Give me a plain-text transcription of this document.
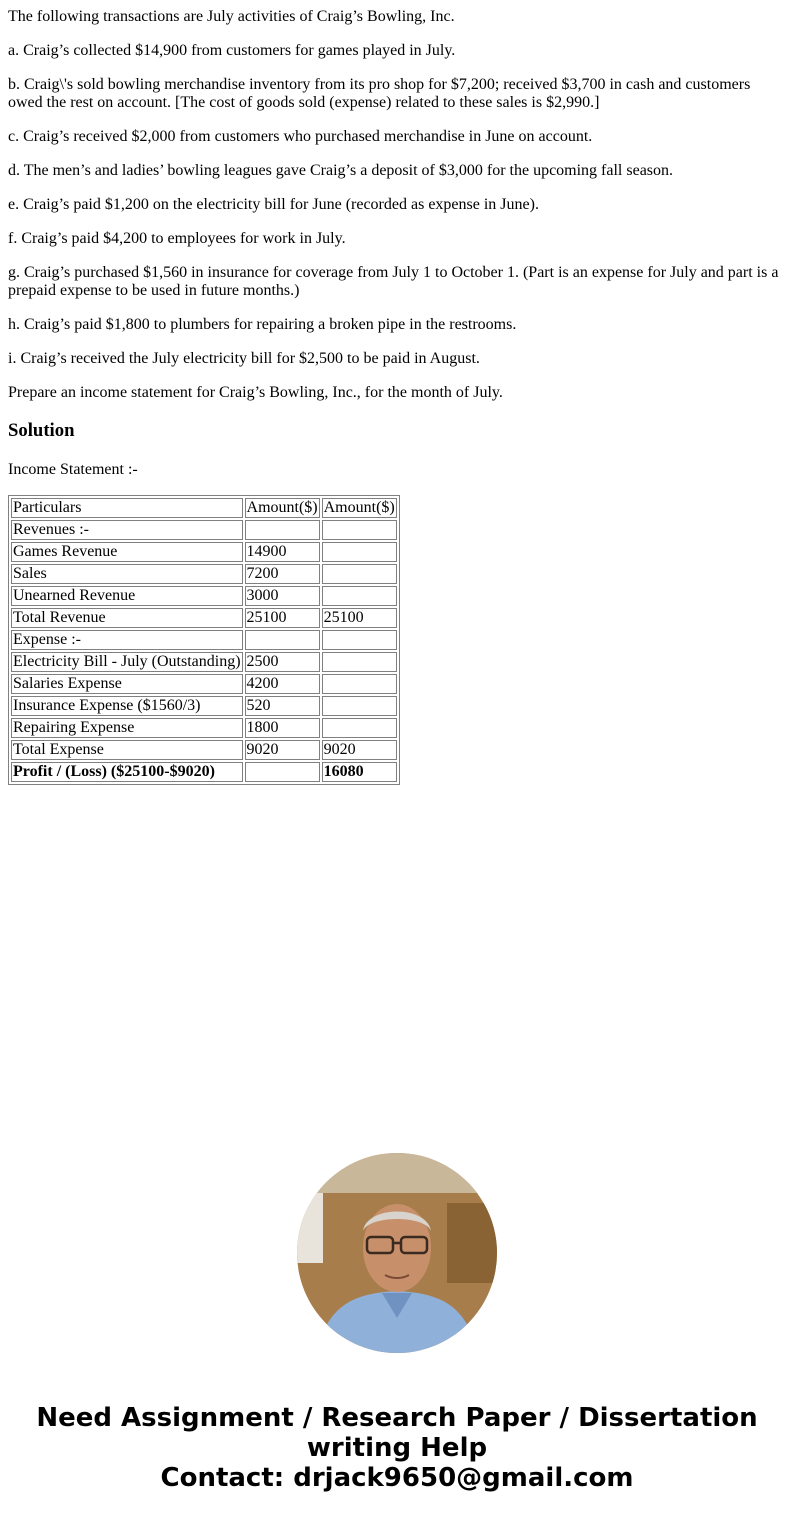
The following transactions are July activities of Craig’s Bowling, Inc.

a. Craig’s collected $14,900 from customers for games played in July.

b. Craig\'s sold bowling merchandise inventory from its pro shop for $7,200; received $3,700 in cash and customers owed the rest on account. [The cost of goods sold (expense) related to these sales is $2,990.]

c. Craig’s received $2,000 from customers who purchased merchandise in June on account.

d. The men’s and ladies’ bowling leagues gave Craig’s a deposit of $3,000 for the upcoming fall season.

e. Craig’s paid $1,200 on the electricity bill for June (recorded as expense in June).

f. Craig’s paid $4,200 to employees for work in July.

g. Craig’s purchased $1,560 in insurance for coverage from July 1 to October 1. (Part is an expense for July and part is a prepaid expense to be used in future months.)

h. Craig’s paid $1,800 to plumbers for repairing a broken pipe in the restrooms.

i. Craig’s received the July electricity bill for $2,500 to be paid in August.

Prepare an income statement for Craig’s Bowling, Inc., for the month of July.

Solution

Income Statement :-

Particulars	Amount($)	Amount($)
Revenues :-		
Games Revenue	14900	
Sales	7200	
Unearned Revenue	3000	
Total Revenue	25100	25100
Expense :-		
Electricity Bill - July (Outstanding)	2500	
Salaries Expense	4200	
Insurance Expense ($1560/3)	520	
Repairing Expense	1800	
Total Expense	9020	9020
Profit / (Loss) ($25100-$9020)		16080
Need Assignment / Research Paper / Dissertation
writing Help
Contact: drjack9650@gmail.com
